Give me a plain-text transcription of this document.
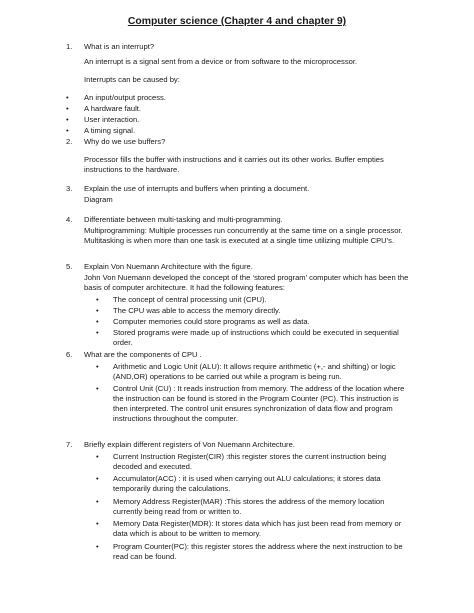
Computer science (Chapter 4 and chapter 9)
1. What is an interrupt?
An interrupt is a signal sent from a device or from software to the microprocessor.
Interrupts can be caused by:
• An input/output process.
• A hardware fault.
• User interaction.
• A timing signal.
2. Why do we use buffers?
Processor fills the buffer with instructions and it carries out its other works. Buffer empties instructions to the hardware.
3. Explain the use of interrupts and buffers when printing a document.
Diagram
4. Differentiate between multi-tasking and multi-programming.
Multiprogramming: Multiple processes run concurrently at the same time on a single processor. Multitasking is when more than one task is executed at a single time utilizing multiple CPU’s.
5. Explain Von Nuemann Architecture with the figure.
John Von Nuemann developed the concept of the ‘stored program’ computer which has been the basis of computer architecture. It had the following features:
• The concept of central processing unit (CPU).
• The CPU was able to access the memory directly.
• Computer memories could store programs as well as data.
• Stored programs were made up of instructions which could be executed in sequential order.
6. What are the components of CPU .
• Arithmetic and Logic Unit (ALU): It allows require arithmetic (+,- and shifting) or logic (AND,OR) operations to be carried out while a program is being run.
• Control Unit (CU) : It reads instruction from memory. The address of the location where the instruction can be found is stored in the Program Counter (PC). This instruction is then interpreted. The control unit ensures synchronization of data flow and program instructions throughout the computer.
7. Briefly explain different registers of Von Nuemann Architecture.
• Current Instruction Register(CIR) :this register stores the current instruction being decoded and executed.
• Accumulator(ACC) : it is used when carrying out ALU calculations; it stores data temporarily during the calculations.
• Memory Address Register(MAR) :This stores the address of the memory location currently being read from or written to.
• Memory Data Register(MDR): It stores data which has just been read from memory or data which is about to be written to memory.
• Program Counter(PC): this register stores the address where the next instruction to be read can be found.
